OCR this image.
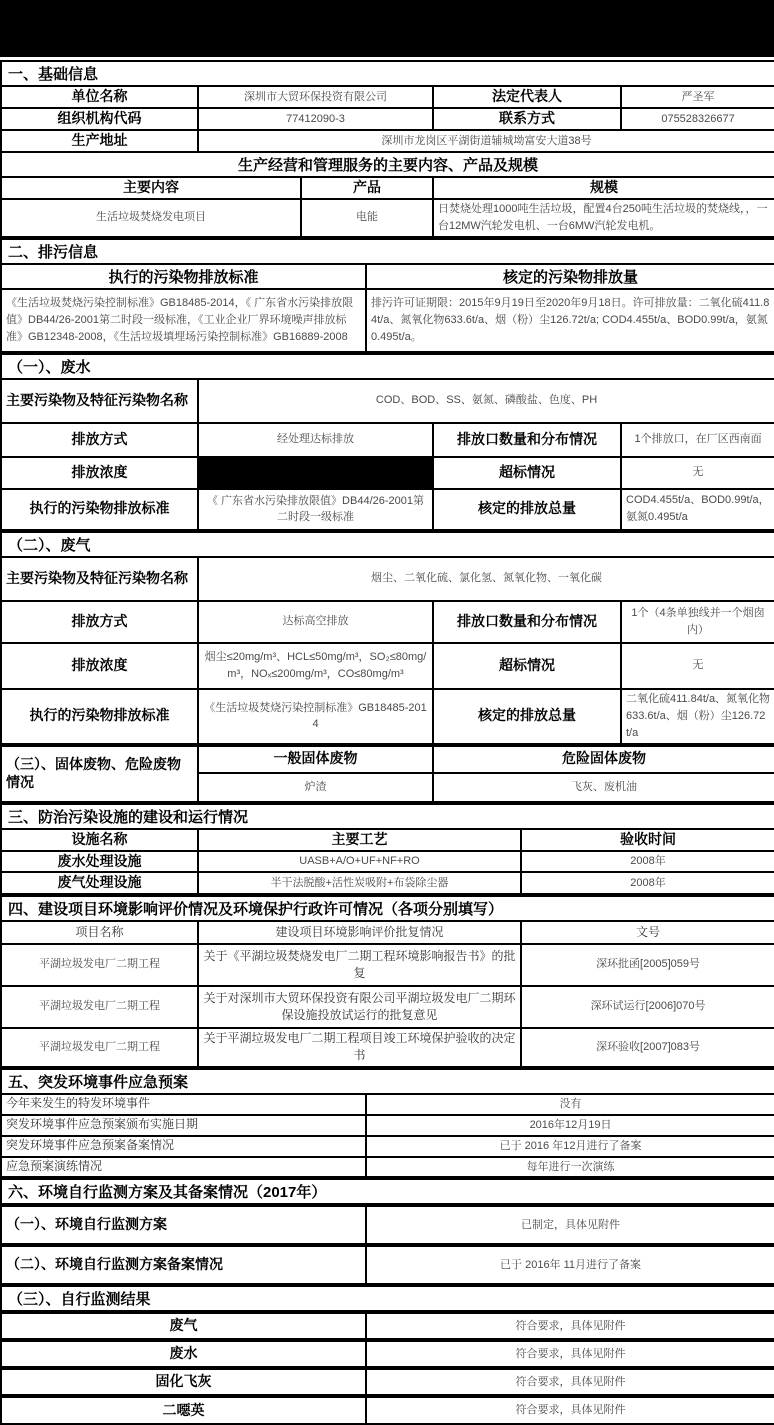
一、基础信息						
单位名称	深圳市大贸环保投资有限公司			法定代表人		严圣军
组织机构代码	77412090-3			联系方式		075528326677
生产地址	深圳市龙岗区平湖街道辅城坳富安大道38号					
生产经营和管理服务的主要内容、产品及规模						
主要内容		产品		规模		
生活垃圾焚烧发电项目		电能		日焚烧处理1000吨生活垃圾，配置4台250吨生活垃圾的焚烧线，，一台12MW汽轮发电机、一台6MW汽轮发电机。		
二、排污信息						
执行的污染物排放标准			核定的污染物排放量			
《生活垃圾焚烧污染控制标准》GB18485-2014，《 广东省水污染排放限值》DB44/26-2001第二时段一级标准，《工业企业厂界环境噪声排放标准》GB12348-2008，《生活垃圾填埋场污染控制标准》GB16889-2008			排污许可证期限：2015年9月19日至2020年9月18日。许可排放量：二氧化硫411.84t/a、氮氧化物633.6t/a、烟（粉）尘126.72t/a; COD4.455t/a、BOD0.99t/a，氨氮0.495t/a。			
（一）、废水						
主要污染物及特征污染物名称	COD、BOD、SS、氨氮、磷酸盐、色度、PH					
排放方式	经处理达标排放			排放口数量和分布情况		1个排放口，在厂区西南面
排放浓度				超标情况		无
执行的污染物排放标准	《 广东省水污染排放限值》DB44/26-2001第二时段一级标准			核定的排放总量		COD4.455t/a、BOD0.99t/a，氨氮0.495t/a
（二）、废气						
主要污染物及特征污染物名称	烟尘、二氧化硫、氯化氢、氮氧化物、一氧化碳					
排放方式	达标高空排放			排放口数量和分布情况		1个（4条单独线并一个烟囱内）
排放浓度	烟尘≤20mg/m³、HCL≤50mg/m³，SO₂≤80mg/m³，NOₓ≤200mg/m³，CO≤80mg/m³			超标情况		无
执行的污染物排放标准	《生活垃圾焚烧污染控制标准》GB18485-2014			核定的排放总量		二氧化硫411.84t/a、氮氧化物633.6t/a、烟（粉）尘126.72t/a
（三）、固体废物、危险废物情况	一般固体废物			危险固体废物		
	炉渣			飞灰、废机油		
三、防治污染设施的建设和运行情况						
设施名称	主要工艺				验收时间	
废水处理设施	UASB+A/O+UF+NF+RO				2008年	
废气处理设施	半干法脱酸+活性炭吸附+布袋除尘器				2008年	
四、建设项目环境影响评价情况及环境保护行政许可情况（各项分别填写）						
项目名称	建设项目环境影响评价批复情况				文号	
平湖垃圾发电厂二期工程	关于《平湖垃圾焚烧发电厂二期工程环境影响报告书》的批复				深环批函[2005]059号	
平湖垃圾发电厂二期工程	关于对深圳市大贸环保投资有限公司平湖垃圾发电厂二期环保设施投放试运行的批复意见				深环试运行[2006]070号	
平湖垃圾发电厂二期工程	关于平湖垃圾发电厂二期工程项目竣工环境保护验收的决定书				深环验收[2007]083号	
五、突发环境事件应急预案						
今年来发生的特发环境事件			没有			
突发环境事件应急预案颁布实施日期			2016年12月19日			
突发环境事件应急预案备案情况			已于 2016 年12月进行了备案			
应急预案演练情况			每年进行一次演练			
六、环境自行监测方案及其备案情况（2017年）						
（一）、环境自行监测方案			已制定，具体见附件			
（二）、环境自行监测方案备案情况			已于 2016年 11月进行了备案			
（三）、自行监测结果						
废气			符合要求，具体见附件			
废水			符合要求，具体见附件			
固化飞灰			符合要求，具体见附件			
二噁英			符合要求，具体见附件			
